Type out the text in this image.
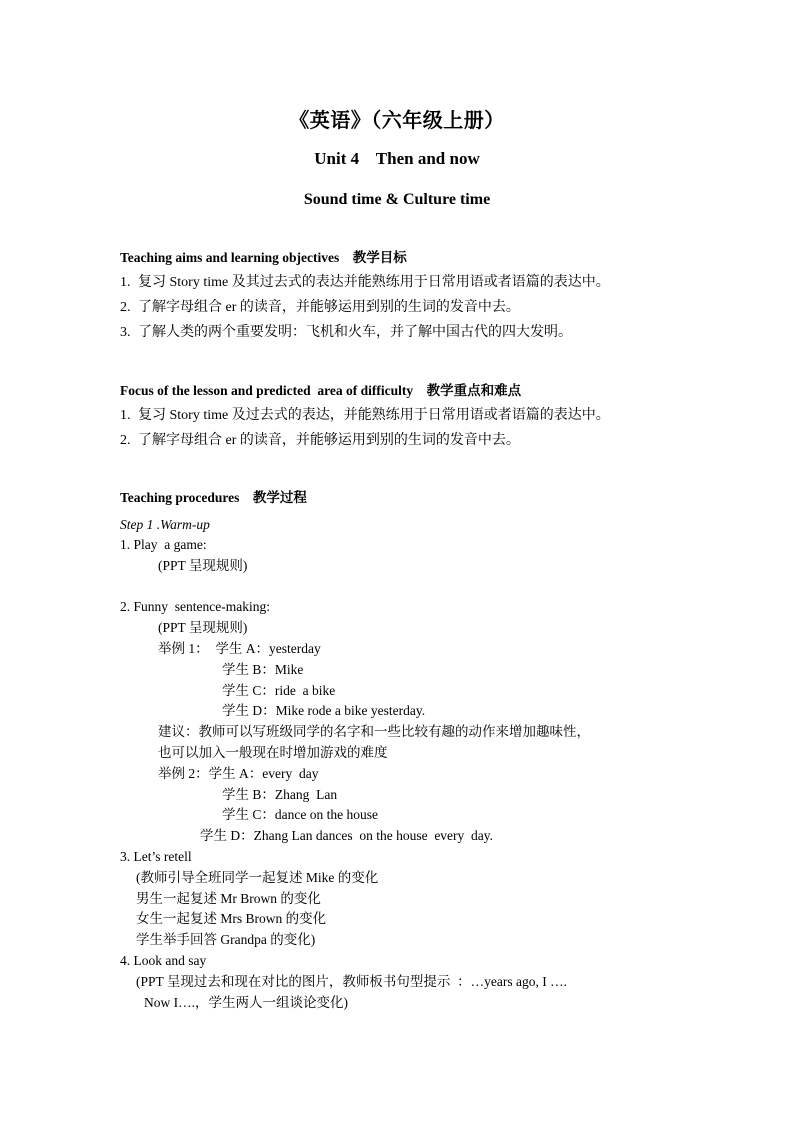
《英语》（六年级上册）
Unit 4    Then and now
Sound time & Culture time
Teaching aims and learning objectives    教学目标
1. 复习 Story time 及其过去式的表达并能熟练用于日常用语或者语篇的表达中。
2. 了解字母组合 er 的读音，并能够运用到别的生词的发音中去。
3. 了解人类的两个重要发明：飞机和火车，并了解中国古代的四大发明。
Focus of the lesson and predicted  area of difficulty    教学重点和难点
1. 复习 Story time 及过去式的表达，并能熟练用于日常用语或者语篇的表达中。
2. 了解字母组合 er 的读音，并能够运用到别的生词的发音中去。
Teaching procedures    教学过程
Step 1 .Warm-up
1. Play  a game:
(PPT 呈现规则)
2. Funny  sentence-making:
(PPT 呈现规则)
举例 1：  学生 A：yesterday
学生 B：Mike
学生 C：ride  a bike
学生 D：Mike rode a bike yesterday.
建议：教师可以写班级同学的名字和一些比较有趣的动作来增加趣味性，
也可以加入一般现在时增加游戏的难度
举例 2：学生 A：every  day
学生 B：Zhang  Lan
学生 C：dance on the house
学生 D：Zhang Lan dances  on the house  every  day.
3. Let’s retell
(教师引导全班同学一起复述 Mike 的变化
男生一起复述 Mr Brown 的变化
女生一起复述 Mrs Brown 的变化
学生举手回答 Grandpa 的变化)
4. Look and say
(PPT 呈现过去和现在对比的图片，教师板书句型提示  ：…years ago, I ….
Now I….，学生两人一组谈论变化)
